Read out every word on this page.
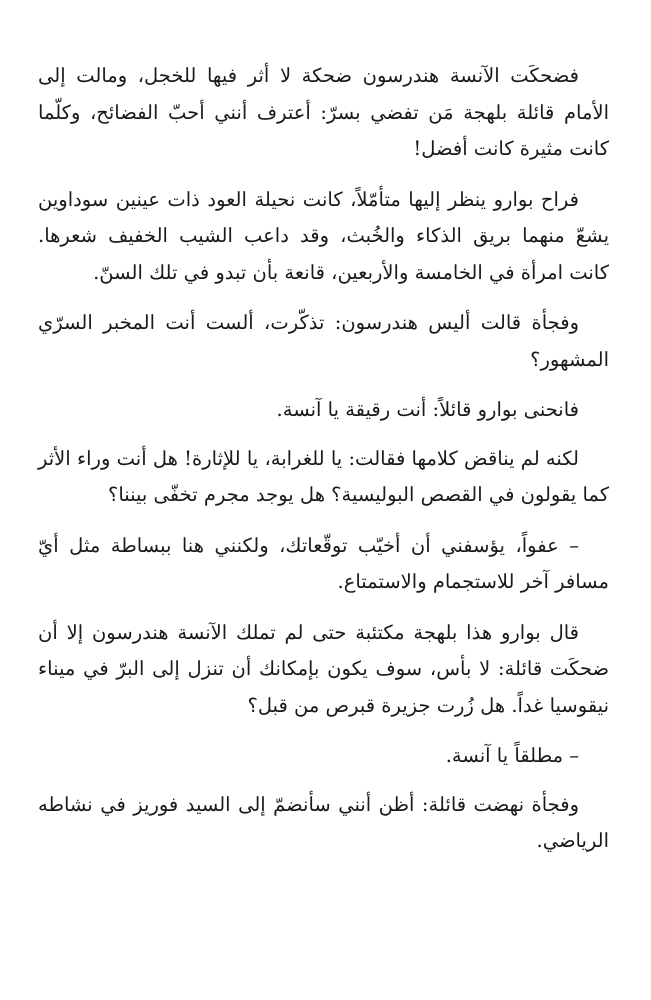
فضحكَت الآنسة هندرسون ضحكة لا أثر فيها للخجل، ومالت إلى الأمام قائلة بلهجة مَن تفضي بسرّ: أعترف أنني أحبّ الفضائح، وكلّما كانت مثيرة كانت أفضل!

فراح بوارو ينظر إليها متأمّلاً، كانت نحيلة العود ذات عينين سوداوين يشعّ منهما بريق الذكاء والخُبث، وقد داعب الشيب الخفيف شعرها. كانت امرأة في الخامسة والأربعين، قانعة بأن تبدو في تلك السنّ.

وفجأة قالت أليس هندرسون: تذكّرت، ألست أنت المخبر السرّي المشهور؟

فانحنى بوارو قائلاً: أنت رقيقة يا آنسة.

لكنه لم يناقض كلامها فقالت: يا للغرابة، يا للإثارة! هل أنت وراء الأثر كما يقولون في القصص البوليسية؟ هل يوجد مجرم تخفّى بيننا؟

– عفواً، يؤسفني أن أخيّب توقّعاتك، ولكنني هنا ببساطة مثل أيّ مسافر آخر للاستجمام والاستمتاع.

قال بوارو هذا بلهجة مكتئبة حتى لم تملك الآنسة هندرسون إلا أن ضحكَت قائلة: لا بأس، سوف يكون بإمكانك أن تنزل إلى البرّ في ميناء نيقوسيا غداً. هل زُرت جزيرة قبرص من قبل؟

– مطلقاً يا آنسة.

وفجأة نهضت قائلة: أظن أنني سأنضمّ إلى السيد فوريز في نشاطه الرياضي.
